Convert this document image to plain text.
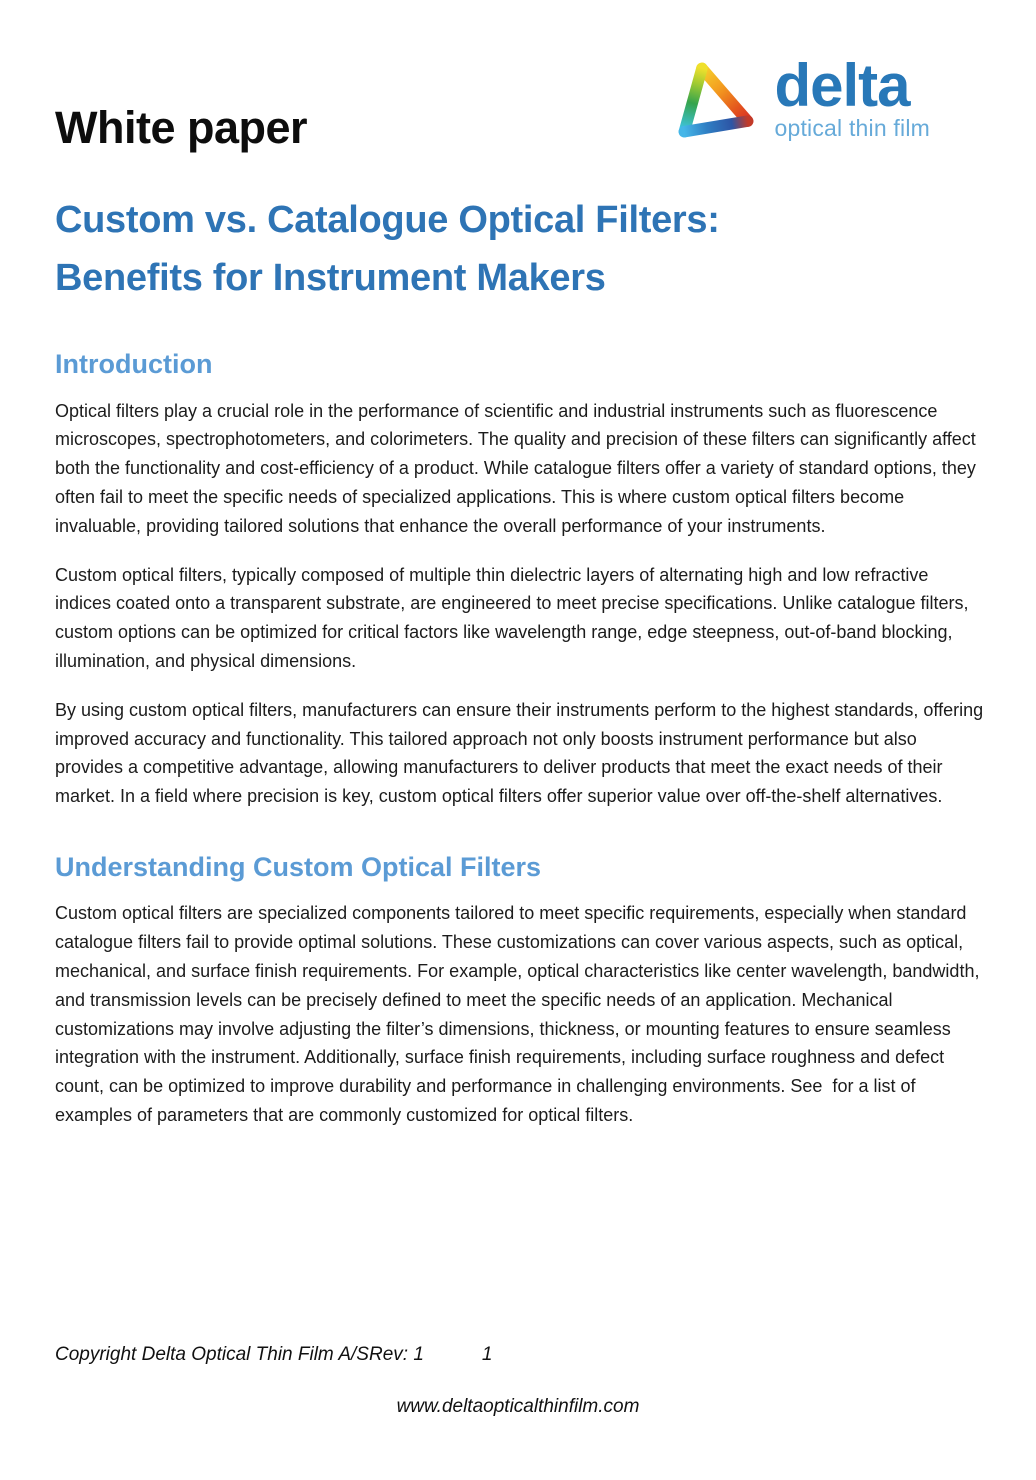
White paper
delta
optical thin film
Custom vs. Catalogue Optical Filters:
Benefits for Instrument Makers
Introduction

Optical filters play a crucial role in the performance of scientific and industrial instruments such as fluorescence microscopes, spectrophotometers, and colorimeters. The quality and precision of these filters can significantly affect both the functionality and cost-efficiency of a product. While catalogue filters offer a variety of standard options, they often fail to meet the specific needs of specialized applications. This is where custom optical filters become invaluable, providing tailored solutions that enhance the overall performance of your instruments.

Custom optical filters, typically composed of multiple thin dielectric layers of alternating high and low refractive indices coated onto a transparent substrate, are engineered to meet precise specifications. Unlike catalogue filters, custom options can be optimized for critical factors like wavelength range, edge steepness, out-of-band blocking, illumination, and physical dimensions.

By using custom optical filters, manufacturers can ensure their instruments perform to the highest standards, offering improved accuracy and functionality. This tailored approach not only boosts instrument performance but also provides a competitive advantage, allowing manufacturers to deliver products that meet the exact needs of their market. In a field where precision is key, custom optical filters offer superior value over off-the-shelf alternatives.

Understanding Custom Optical Filters

Custom optical filters are specialized components tailored to meet specific requirements, especially when standard catalogue filters fail to provide optimal solutions. These customizations can cover various aspects, such as optical, mechanical, and surface finish requirements. For example, optical characteristics like center wavelength, bandwidth, and transmission levels can be precisely defined to meet the specific needs of an application. Mechanical customizations may involve adjusting the filter’s dimensions, thickness, or mounting features to ensure seamless integration with the instrument. Additionally, surface finish requirements, including surface roughness and defect count, can be optimized to improve durability and performance in challenging environments. See  for a list of examples of parameters that are commonly customized for optical filters.

Copyright Delta Optical Thin Film A/SRev: 1	1
www.deltaopticalthinfilm.com
